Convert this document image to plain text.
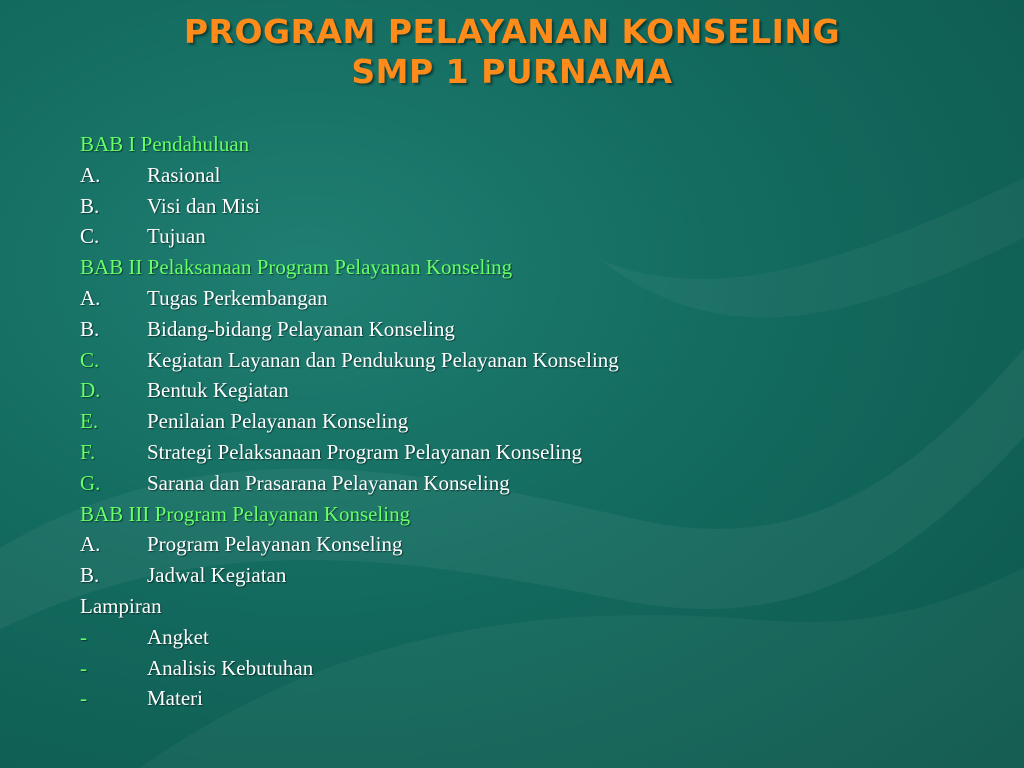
PROGRAM PELAYANAN KONSELING
SMP 1 PURNAMA
BAB I Pendahuluan
A.	Rasional
B.	Visi dan Misi
C.	Tujuan
BAB II Pelaksanaan Program Pelayanan Konseling
A.	Tugas Perkembangan
B.	Bidang-bidang Pelayanan Konseling
C.	Kegiatan Layanan dan Pendukung Pelayanan Konseling
D.	Bentuk Kegiatan
E.	Penilaian Pelayanan Konseling
F.	Strategi Pelaksanaan Program Pelayanan Konseling
G.	Sarana dan Prasarana Pelayanan Konseling
BAB III Program Pelayanan Konseling
A.	Program Pelayanan Konseling
B.	Jadwal Kegiatan
Lampiran
-	Angket
-	Analisis Kebutuhan
-	Materi
